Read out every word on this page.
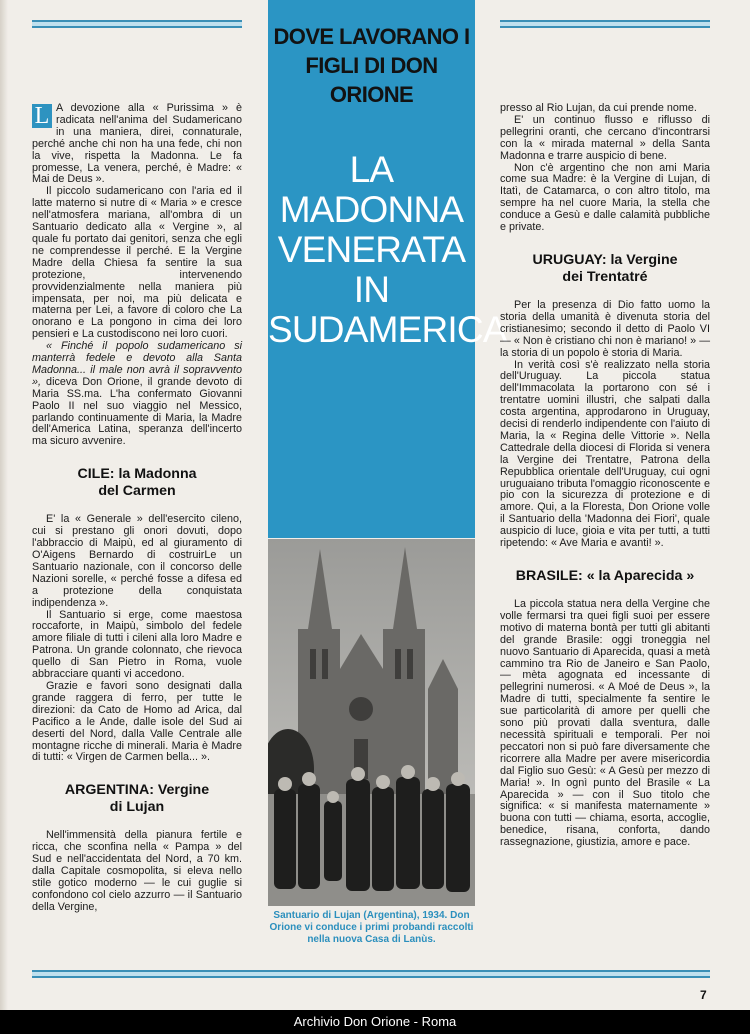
L A devozione alla « Purissima » è radicata nell'anima del Sudamericano in una maniera, direi, connaturale, perché anche chi non ha una fede, chi non la vive, rispetta la Madonna. Le fa promesse, La venera, perché, è Madre: « Mai de Deus ».

Il piccolo sudamericano con l'aria ed il latte materno si nutre di « Maria » e cresce nell'atmosfera mariana, all'ombra di un Santuario dedicato alla « Vergine », al quale fu portato dai genitori, senza che egli ne comprendesse il perché. E la Vergine Madre della Chiesa fa sentire la sua protezione, intervenendo provvidenzialmente nella maniera più impensata, per noi, ma più delicata e materna per Lei, a favore di coloro che La onorano e La pongono in cima dei loro pensieri e La custodiscono nei loro cuori.

« Finché il popolo sudamericano si manterrà fedele e devoto alla Santa Madonna... il male non avrà il sopravvento », diceva Don Orione, il grande devoto di Maria SS.ma. L'ha confermato Giovanni Paolo II nel suo viaggio nel Messico, parlando continuamente di Maria, la Madre dell'America Latina, speranza dell'incerto ma sicuro avvenire.

CILE: la Madonna
del Carmen

E' la « Generale » dell'esercito cileno, cui si prestano gli onori dovuti, dopo l'abbraccio di Maipù, ed al giuramento di O'Aigens Bernardo di costruirLe un Santuario nazionale, con il concorso delle Nazioni sorelle, « perché fosse a difesa ed a protezione della conquistata indipendenza ».

Il Santuario si erge, come maestosa roccaforte, in Maipù, simbolo del fedele amore filiale di tutti i cileni alla loro Madre e Patrona. Un grande colonnato, che rievoca quello di San Pietro in Roma, vuole abbracciare quanti vi accedono.

Grazie e favori sono designati dalla grande raggera di ferro, per tutte le direzioni: da Cato de Homo ad Arica, dal Pacifico a le Ande, dalle isole del Sud ai deserti del Nord, dalla Valle Centrale alle montagne ricche di minerali. Maria è Madre di tutti: « Virgen de Carmen bella... ».

ARGENTINA: Vergine
di Lujan

Nell'immensità della pianura fertile e ricca, che sconfina nella « Pampa » del Sud e nell'accidentata del Nord, a 70 km. dalla Capitale cosmopolita, si eleva nello stile gotico moderno — le cui guglie si confondono col cielo azzurro — il Santuario della Vergine,

DOVE LAVORANO I FIGLI DI DON ORIONE
LA MADONNA VENERATA IN SUDAMERICA
Santuario di Lujan (Argentina), 1934. Don Orione vi conduce i primi probandi raccolti nella nuova Casa di Lanùs.

presso al Rio Lujan, da cui prende nome.

E' un continuo flusso e riflusso di pellegrini oranti, che cercano d'incontrarsi con la « mirada maternal » della Santa Madonna e trarre auspicio di bene.

Non c'è argentino che non ami Maria come sua Madre: è la Vergine di Lujan, di Itatì, de Catamarca, o con altro titolo, ma sempre ha nel cuore Maria, la stella che conduce a Gesù e dalle calamità pubbliche e private.

URUGUAY: la Vergine
dei Trentatré

Per la presenza di Dio fatto uomo la storia della umanità è divenuta storia del cristianesimo; secondo il detto di Paolo VI — « Non è cristiano chi non è mariano! » — la storia di un popolo è storia di Maria.

In verità così s'è realizzato nella storia dell'Uruguay. La piccola statua dell'Immacolata la portarono con sé i trentatre uomini illustri, che salpati dalla costa argentina, approdarono in Uruguay, decisi di renderlo indipendente con l'aiuto di Maria, la « Regina delle Vittorie ». Nella Cattedrale della diocesi di Florida si venera la Vergine dei Trentatre, Patrona della Repubblica orientale dell'Uruguay, cui ogni uruguaiano tributa l'omaggio riconoscente e pio con la sicurezza di protezione e di amore. Qui, a la Floresta, Don Orione volle il Santuario della 'Madonna dei Fiori', quale auspicio di luce, gioia e vita per tutti, a tutti ripetendo: « Ave Maria e avanti! ».

BRASILE: « la Aparecida »

La piccola statua nera della Vergine che volle fermarsi tra quei figli suoi per essere motivo di materna bontà per tutti gli abitanti del grande Brasile: oggi troneggia nel nuovo Santuario di Aparecida, quasi a metà cammino tra Rio de Janeiro e San Paolo, — mèta agognata ed incessante di pellegrini numerosi. « A Moé de Deus », la Madre di tutti, specialmente fa sentire le sue particolarità di amore per quelli che sono più provati dalla sventura, dalle necessità spirituali e temporali. Per noi peccatori non si può fare diversamente che ricorrere alla Madre per avere misericordia dal Figlio suo Gesù: « A Gesù per mezzo di Maria! ». In ognì punto del Brasile « La Aparecida » — con il Suo titolo che significa: « si manifesta maternamente » buona con tutti — chiama, esorta, accoglie, benedice, risana, conforta, dando rassegnazione, giustizia, amore e pace.

7
Archivio Don Orione - Roma
